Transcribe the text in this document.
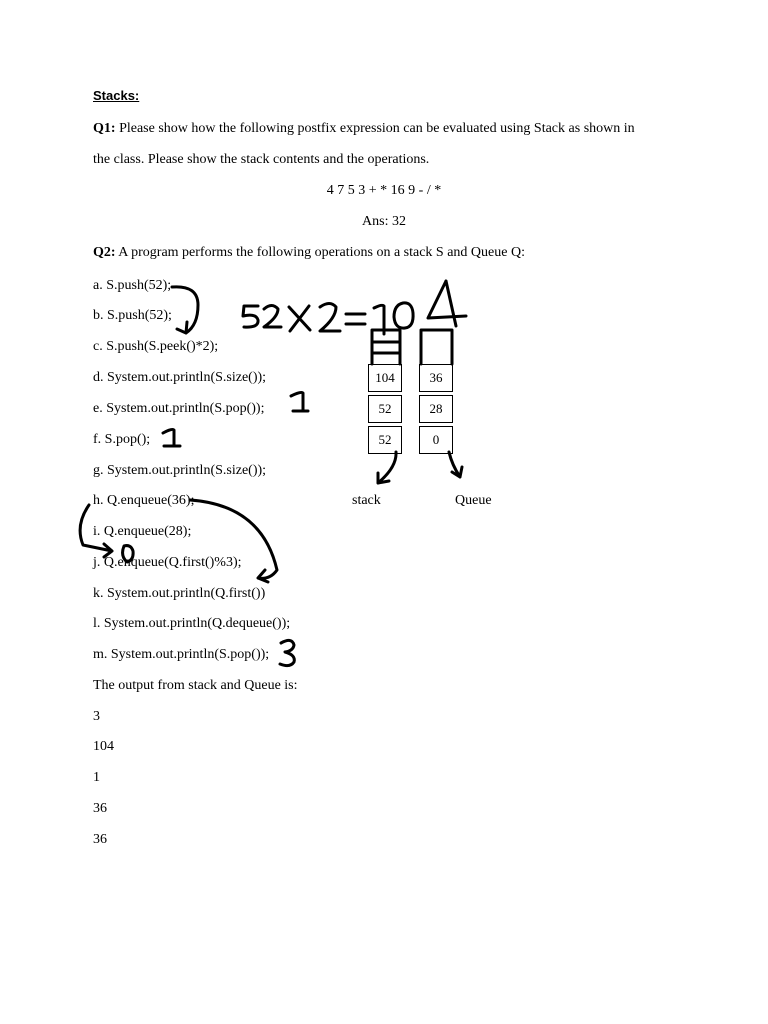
Stacks:
Q1: Please show how the following postfix expression can be evaluated using Stack as shown in
the class. Please show the stack contents and the operations.
4 7 5 3 + * 16 9 - / *
Ans: 32
Q2: A program performs the following operations on a stack S and Queue Q:
a. S.push(52);
b. S.push(52);
c. S.push(S.peek()*2);
d. System.out.println(S.size());
e. System.out.println(S.pop());
f. S.pop();
g. System.out.println(S.size());
h. Q.enqueue(36);
i. Q.enqueue(28);
j. Q.enqueue(Q.first()%3);
k. System.out.println(Q.first())
l. System.out.println(Q.dequeue());
m. System.out.println(S.pop());
The output from stack and Queue is:
3
104
1
36
36
104
52
52
36
28
0
stack	Queue
